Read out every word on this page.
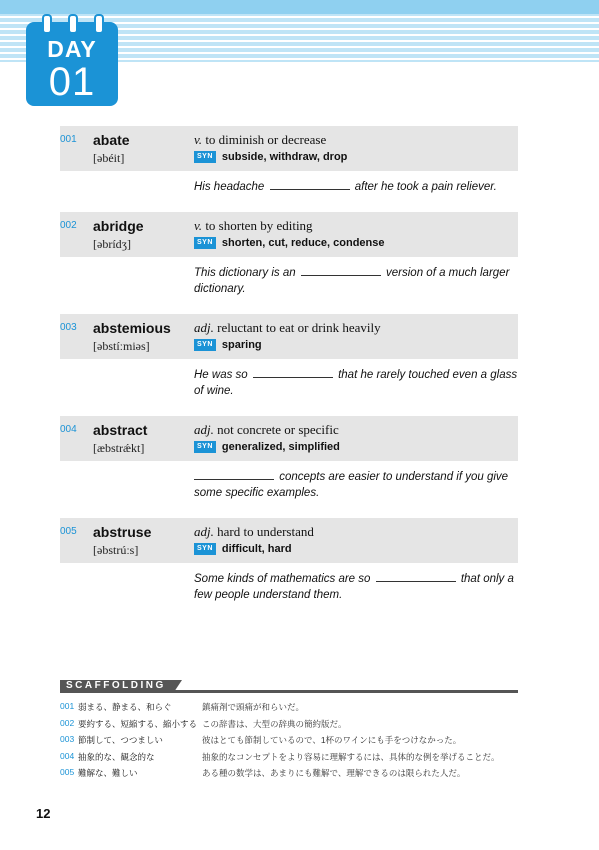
DAY
01
001 abate
[əbéit]
v. to diminish or decrease
SYN subside, withdraw, drop
His headache	after he took a pain reliever.
002 abridge
[əbrídʒ]
v. to shorten by editing
SYN shorten, cut, reduce, condense
This dictionary is an	version of a much larger dictionary.
003 abstemious
[əbstíːmiəs]
adj. reluctant to eat or drink heavily
SYN sparing
He was so	that he rarely touched even a glass of wine.
004 abstract
[æbstrǽkt]
adj. not concrete or specific
SYN generalized, simplified
concepts are easier to understand if you give some specific examples.
005 abstruse
[əbstrúːs]
adj. hard to understand
SYN difficult, hard
Some kinds of mathematics are so	that only a few people understand them.
SCAFFOLDING
001 弱まる、静まる、和らぐ	鎮痛剤で頭痛が和らいだ。
002 要約する、短縮する、縮小する この辞書は、大型の辞典の簡約版だ。
003 節制して、つつましい	彼はとても節制しているので、1杯のワインにも手をつけなかった。
004 抽象的な、観念的な	抽象的なコンセプトをより容易に理解するには、具体的な例を挙げることだ。
005 難解な、難しい	ある種の数学は、あまりにも難解で、理解できるのは限られた人だ。
12
